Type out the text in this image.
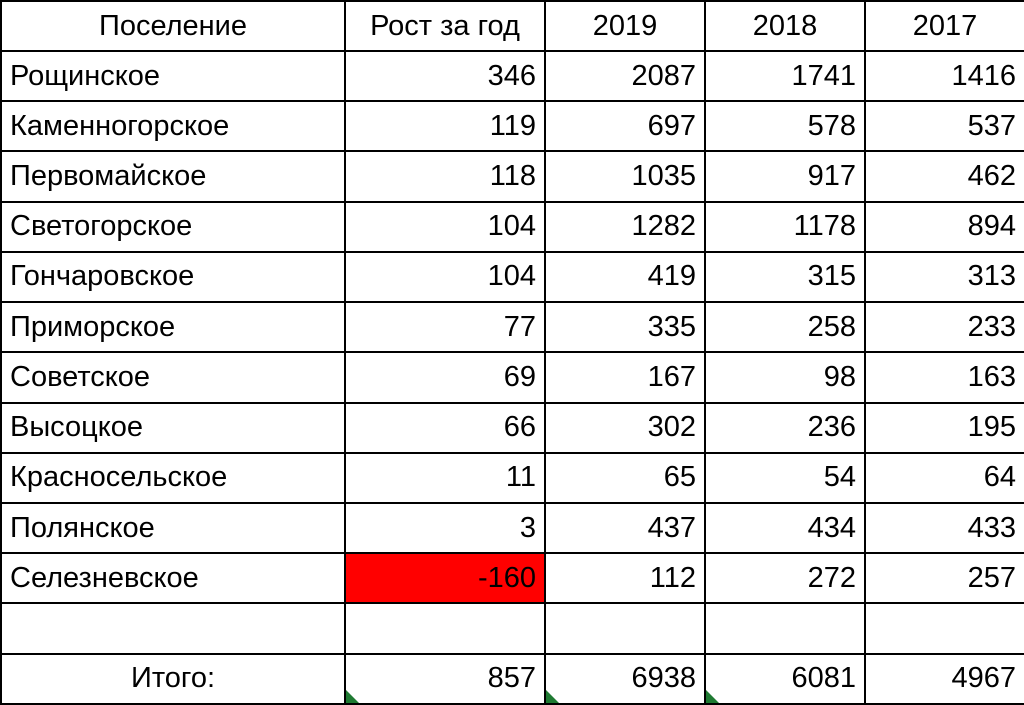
Поселение	Рост за год	2019	2018	2017
Рощинское	346	2087	1741	1416
Каменногорское	119	697	578	537
Первомайское	118	1035	917	462
Светогорское	104	1282	1178	894
Гончаровское	104	419	315	313
Приморское	77	335	258	233
Советское	69	167	98	163
Высоцкое	66	302	236	195
Красносельское	11	65	54	64
Полянское	3	437	434	433
Селезневское	-160	112	272	257

Итого:	857	6938	6081	4967
